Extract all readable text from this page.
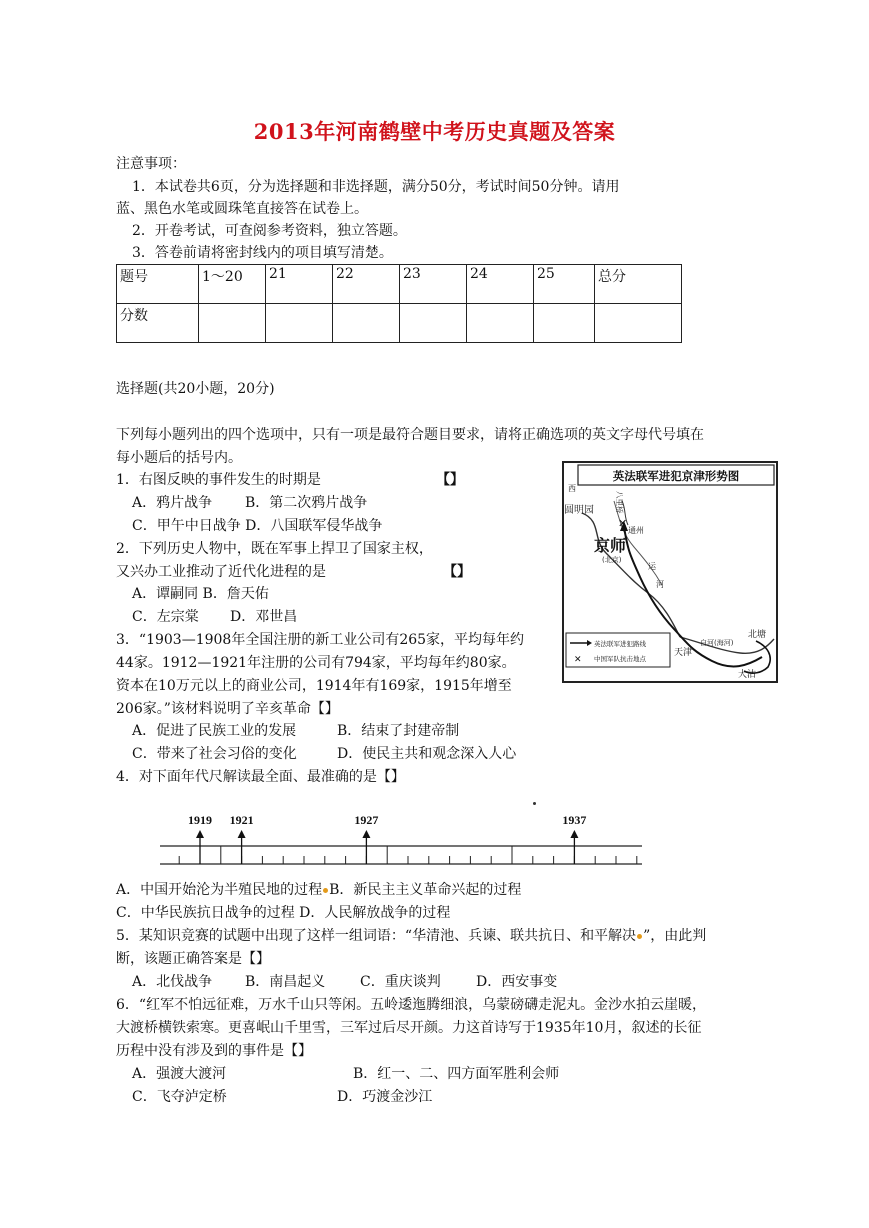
2013年河南鹤壁中考历史真题及答案
注意事项：
1．本试卷共6页，分为选择题和非选择题，满分50分，考试时间50分钟。请用
蓝、黑色水笔或圆珠笔直接答在试卷上。
2．开卷考试，可查阅参考资料，独立答题。
3．答卷前请将密封线内的项目填写清楚。
题号	1～20	21	22	23	24	25	总分
分数							
选择题(共20小题，20分)
下列每小题列出的四个选项中，只有一项是最符合题目要求，请将正确选项的英文字母代号填在
每小题后的括号内。
1．右图反映的事件发生的时期是	【】
A．鸦片战争 B．第二次鸦片战争
C．甲午中日战争 D．八国联军侵华战争
2．下列历史人物中，既在军事上捍卫了国家主权，
又兴办工业推动了近代化进程的是	【】
A．谭嗣同 B．詹天佑
C．左宗棠 D．邓世昌
3．“1903—1908年全国注册的新工业公司有265家，平均每年约
44家。1912—1921年注册的公司有794家，平均每年约80家。
资本在10万元以上的商业公司，1914年有169家，1915年增至
206家。”该材料说明了辛亥革命【】
A．促进了民族工业的发展	B．结束了封建帝制
C．带来了社会习俗的变化	D．使民主共和观念深入人心
4．对下面年代尺解读最全面、最准确的是【】
1919 1921	1927	1937
A．中国开始沦为半殖民地的过程 B．新民主主义革命兴起的过程
C．中华民族抗日战争的过程 D．人民解放战争的过程
5．某知识竞赛的试题中出现了这样一组词语：“华清池、兵谏、联共抗日、和平解决 ”，由此判
断，该题正确答案是【】
A．北伐战争 B．南昌起义 C．重庆谈判	D．西安事变
6．“红军不怕远征难，万水千山只等闲。五岭逶迤腾细浪，乌蒙磅礴走泥丸。金沙水拍云崖暖，
大渡桥横铁索寒。更喜岷山千里雪，三军过后尽开颜。力这首诗写于1935年10月，叙述的长征
历程中没有涉及到的事件是【】
A．强渡大渡河	B．红一、二、四方面军胜利会师
C．飞夺泸定桥	D．巧渡金沙江
英法联军进犯京津形势图
✕
西
圆明园	八里桥
通州
京师
(北京)
运
河
天津
白河(海河)
北塘
大沽
英法联军进犯路线
✕ 中国军队抗击地点
